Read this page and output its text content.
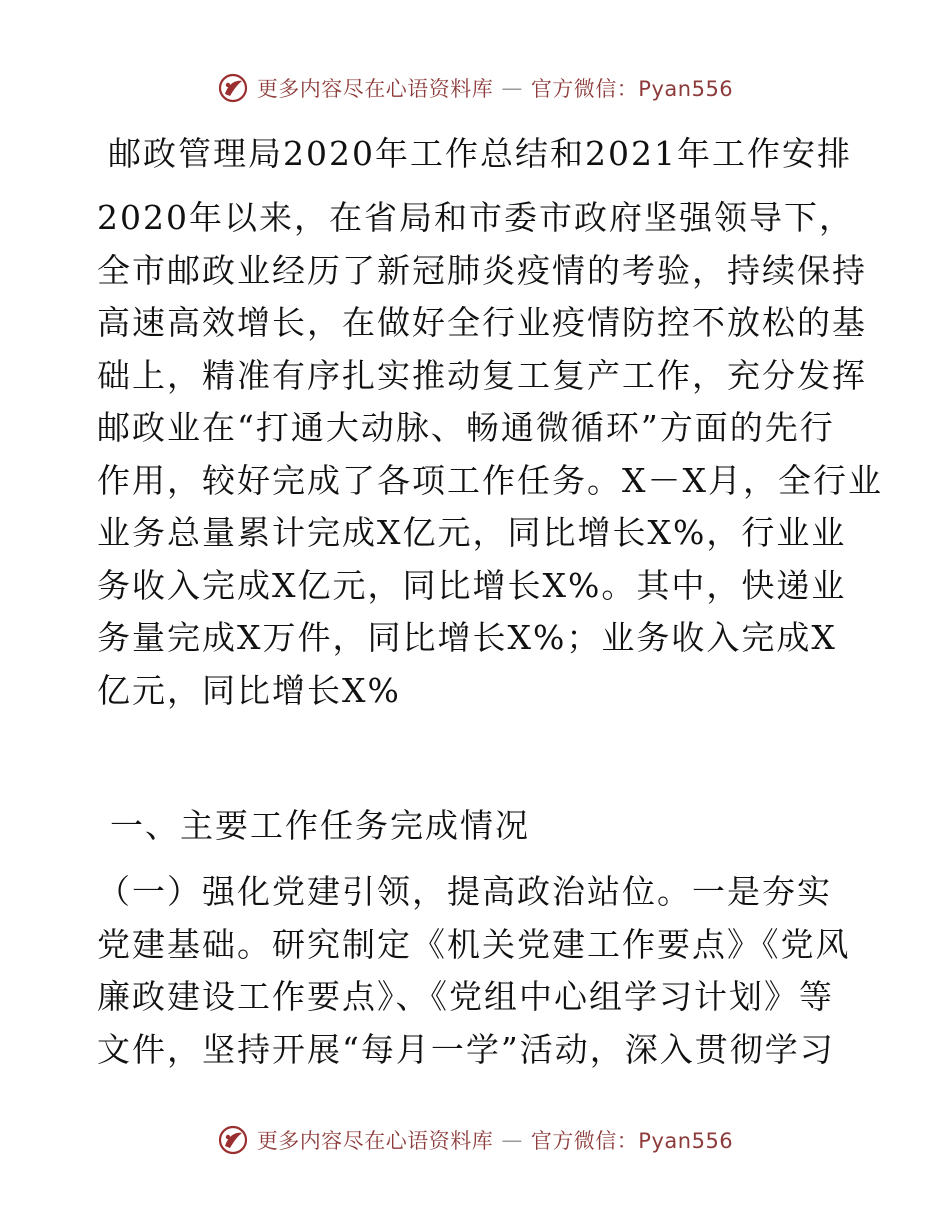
更多内容尽在心语资料库 — 官方微信：Pyan556
邮政管理局2020年工作总结和2021年工作安排
2020年以来，在省局和市委市政府坚强领导下，
全市邮政业经历了新冠肺炎疫情的考验，持续保持
高速高效增长，在做好全行业疫情防控不放松的基
础上，精准有序扎实推动复工复产工作，充分发挥
邮政业在“打通大动脉、畅通微循环”方面的先行
作用，较好完成了各项工作任务。X－X月，全行业
业务总量累计完成X亿元，同比增长X%，行业业
务收入完成X亿元，同比增长X%。其中，快递业
务量完成X万件，同比增长X%；业务收入完成X
亿元，同比增长X%
一、主要工作任务完成情况
（一）强化党建引领，提高政治站位。一是夯实
党建基础。研究制定《机关党建工作要点》《党风
廉政建设工作要点》、《党组中心组学习计划》等
文件，坚持开展“每月一学”活动，深入贯彻学习
更多内容尽在心语资料库 — 官方微信：Pyan556
